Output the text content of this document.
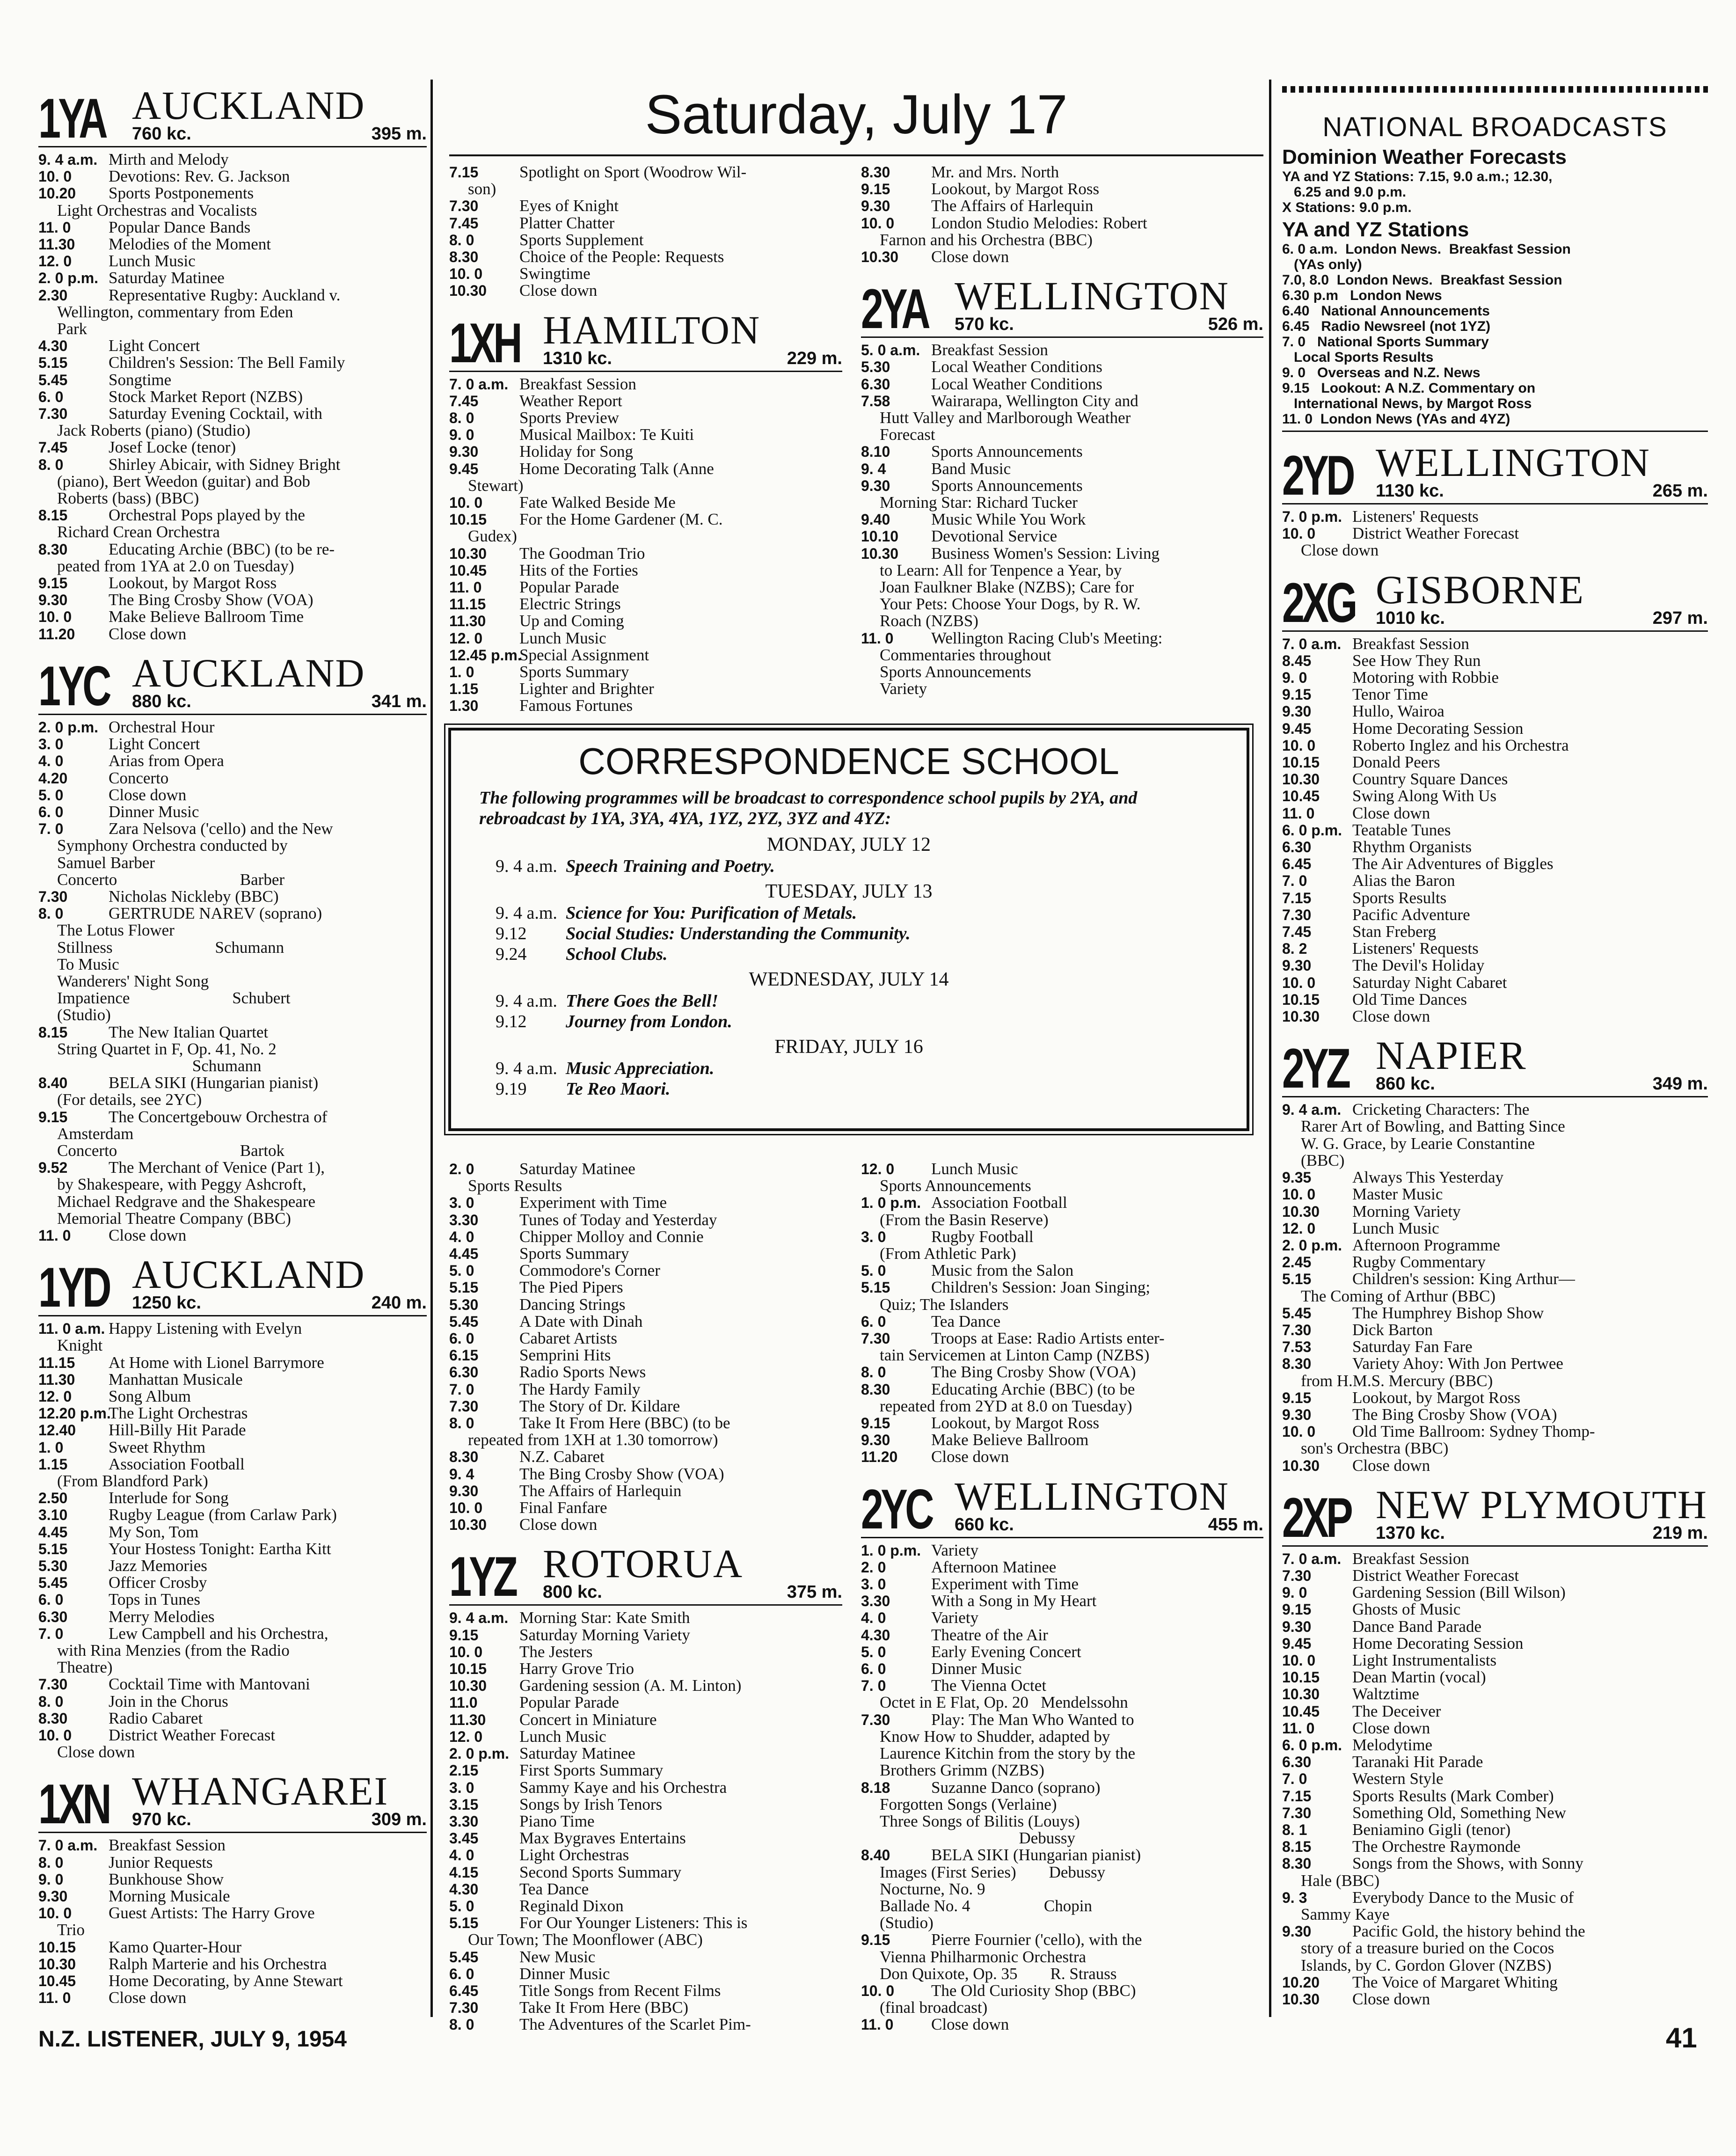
Saturday, July 17
1YA AUCKLAND
760 kc.	395 m.
9. 4 a.m. Mirth and Melody
10. 0 Devotions: Rev. G. Jackson
10.20 Sports Postponements
Light Orchestras and Vocalists
11. 0 Popular Dance Bands
11.30 Melodies of the Moment
12. 0 Lunch Music
2. 0 p.m. Saturday Matinee
2.30	Representative Rugby: Auckland v.
Wellington, commentary from Eden
Park
4.30	Light Concert
5.15	Children's Session: The Bell Family
5.45	Songtime
6. 0	Stock Market Report (NZBS)
7.30	Saturday Evening Cocktail, with
Jack Roberts (piano) (Studio)
7.45	Josef Locke (tenor)
8. 0	Shirley Abicair, with Sidney Bright
(piano), Bert Weedon (guitar) and Bob
Roberts (bass) (BBC)
8.15	Orchestral Pops played by the
Richard Crean Orchestra
8.30	Educating Archie (BBC) (to be re-
peated from 1YA at 2.0 on Tuesday)
9.15	Lookout, by Margot Ross
9.30	The Bing Crosby Show (VOA)
10. 0 Make Believe Ballroom Time
11.20 Close down
1YC AUCKLAND
880 kc.	341 m.
2. 0 p.m. Orchestral Hour
3. 0	Light Concert
4. 0	Arias from Opera
4.20	Concerto
5. 0	Close down
6. 0	Dinner Music
7. 0	Zara Nelsova ('cello) and the New
Symphony Orchestra conducted by
Samuel Barber
Concerto                              Barber
7.30	Nicholas Nickleby (BBC)
8. 0	GERTRUDE NAREV (soprano)
The Lotus Flower
Stillness                         Schumann
To Music
Wanderers' Night Song
Impatience                         Schubert
(Studio)
8.15	The New Italian Quartet
String Quartet in F, Op. 41, No. 2
Schumann
8.40	BELA SIKI (Hungarian pianist)
(For details, see 2YC)
9.15	The Concertgebouw Orchestra of
Amsterdam
Concerto                              Bartok
9.52	The Merchant of Venice (Part 1),
by Shakespeare, with Peggy Ashcroft,
Michael Redgrave and the Shakespeare
Memorial Theatre Company (BBC)
11. 0 Close down
1YD AUCKLAND
1250 kc.	240 m.
11. 0 a.m. Happy Listening with Evelyn
Knight
11.15 At Home with Lionel Barrymore
11.30 Manhattan Musicale
12. 0 Song Album
12.20 p.m.The Light Orchestras
12.40 Hill-Billy Hit Parade
1. 0	Sweet Rhythm
1.15	Association Football
(From Blandford Park)
2.50	Interlude for Song
3.10	Rugby League (from Carlaw Park)
4.45	My Son, Tom
5.15	Your Hostess Tonight: Eartha Kitt
5.30	Jazz Memories
5.45	Officer Crosby
6. 0	Tops in Tunes
6.30	Merry Melodies
7. 0	Lew Campbell and his Orchestra,
with Rina Menzies (from the Radio
Theatre)
7.30	Cocktail Time with Mantovani
8. 0	Join in the Chorus
8.30	Radio Cabaret
10. 0 District Weather Forecast
Close down
1XN WHANGAREI
970 kc.	309 m.
7. 0 a.m. Breakfast Session
8. 0	Junior Requests
9. 0	Bunkhouse Show
9.30	Morning Musicale
10. 0 Guest Artists: The Harry Grove
Trio
10.15 Kamo Quarter-Hour
10.30 Ralph Marterie and his Orchestra
10.45 Home Decorating, by Anne Stewart
11. 0 Close down
7.15	Spotlight on Sport (Woodrow Wil-
son)
7.30	Eyes of Knight
7.45	Platter Chatter
8. 0	Sports Supplement
8.30	Choice of the People: Requests
10. 0 Swingtime
10.30 Close down
1XH HAMILTON
1310 kc.	229 m.
7. 0 a.m. Breakfast Session
7.45	Weather Report
8. 0	Sports Preview
9. 0	Musical Mailbox: Te Kuiti
9.30	Holiday for Song
9.45	Home Decorating Talk (Anne
Stewart)
10. 0 Fate Walked Beside Me
10.15 For the Home Gardener (M. C.
Gudex)
10.30 The Goodman Trio
10.45 Hits of the Forties
11. 0 Popular Parade
11.15 Electric Strings
11.30 Up and Coming
12. 0 Lunch Music
12.45 p.m.Special Assignment
1. 0	Sports Summary
1.15	Lighter and Brighter
1.30	Famous Fortunes
8.30	Mr. and Mrs. North
9.15	Lookout, by Margot Ross
9.30	The Affairs of Harlequin
10. 0 London Studio Melodies: Robert
Farnon and his Orchestra (BBC)
10.30 Close down
2YA WELLINGTON
570 kc.	526 m.
5. 0 a.m. Breakfast Session
5.30	Local Weather Conditions
6.30	Local Weather Conditions
7.58	Wairarapa, Wellington City and
Hutt Valley and Marlborough Weather
Forecast
8.10	Sports Announcements
9. 4	Band Music
9.30	Sports Announcements
Morning Star: Richard Tucker
9.40	Music While You Work
10.10 Devotional Service
10.30 Business Women's Session: Living
to Learn: All for Tenpence a Year, by
Joan Faulkner Blake (NZBS); Care for
Your Pets: Choose Your Dogs, by R. W.
Roach (NZBS)
11. 0 Wellington Racing Club's Meeting:
Commentaries throughout
Sports Announcements
Variety
CORRESPONDENCE SCHOOL
The following programmes will be broadcast to correspondence school pupils by 2YA, and rebroadcast by 1YA, 3YA, 4YA, 1YZ, 2YZ, 3YZ and 4YZ:
MONDAY, JULY 12
9. 4 a.m. Speech Training and Poetry.
TUESDAY, JULY 13
9. 4 a.m. Science for You: Purification of Metals.
9.12 Social Studies: Understanding the Community.
9.24 School Clubs.
WEDNESDAY, JULY 14
9. 4 a.m. There Goes the Bell!
9.12 Journey from London.
FRIDAY, JULY 16
9. 4 a.m. Music Appreciation.
9.19 Te Reo Maori.
2. 0	Saturday Matinee
Sports Results
3. 0	Experiment with Time
3.30	Tunes of Today and Yesterday
4. 0	Chipper Molloy and Connie
4.45	Sports Summary
5. 0	Commodore's Corner
5.15	The Pied Pipers
5.30	Dancing Strings
5.45	A Date with Dinah
6. 0	Cabaret Artists
6.15	Semprini Hits
6.30	Radio Sports News
7. 0	The Hardy Family
7.30	The Story of Dr. Kildare
8. 0	Take It From Here (BBC) (to be
repeated from 1XH at 1.30 tomorrow)
8.30	N.Z. Cabaret
9. 4	The Bing Crosby Show (VOA)
9.30	The Affairs of Harlequin
10. 0 Final Fanfare
10.30 Close down
1YZ ROTORUA
800 kc.	375 m.
9. 4 a.m. Morning Star: Kate Smith
9.15	Saturday Morning Variety
10. 0 The Jesters
10.15 Harry Grove Trio
10.30 Gardening session (A. M. Linton)
11.0	Popular Parade
11.30 Concert in Miniature
12. 0 Lunch Music
2. 0 p.m. Saturday Matinee
2.15	First Sports Summary
3. 0	Sammy Kaye and his Orchestra
3.15	Songs by Irish Tenors
3.30	Piano Time
3.45	Max Bygraves Entertains
4. 0	Light Orchestras
4.15	Second Sports Summary
4.30	Tea Dance
5. 0	Reginald Dixon
5.15	For Our Younger Listeners: This is
Our Town; The Moonflower (ABC)
5.45	New Music
6. 0	Dinner Music
6.45	Title Songs from Recent Films
7.30	Take It From Here (BBC)
8. 0	The Adventures of the Scarlet Pim-
12. 0 Lunch Music
Sports Announcements
1. 0 p.m. Association Football
(From the Basin Reserve)
3. 0	Rugby Football
(From Athletic Park)
5. 0	Music from the Salon
5.15	Children's Session: Joan Singing;
Quiz; The Islanders
6. 0	Tea Dance
7.30	Troops at Ease: Radio Artists enter-
tain Servicemen at Linton Camp (NZBS)
8. 0	The Bing Crosby Show (VOA)
8.30	Educating Archie (BBC) (to be
repeated from 2YD at 8.0 on Tuesday)
9.15	Lookout, by Margot Ross
9.30	Make Believe Ballroom
11.20 Close down
2YC WELLINGTON
660 kc.	455 m.
1. 0 p.m. Variety
2. 0	Afternoon Matinee
3. 0	Experiment with Time
3.30	With a Song in My Heart
4. 0	Variety
4.30	Theatre of the Air
5. 0	Early Evening Concert
6. 0	Dinner Music
7. 0	The Vienna Octet
Octet in E Flat, Op. 20   Mendelssohn
7.30	Play: The Man Who Wanted to
Know How to Shudder, adapted by
Laurence Kitchin from the story by the
Brothers Grimm (NZBS)
8.18	Suzanne Danco (soprano)
Forgotten Songs (Verlaine)
Three Songs of Bilitis (Louys)
Debussy
8.40	BELA SIKI (Hungarian pianist)
Images (First Series)        Debussy
Nocturne, No. 9
Ballade No. 4                  Chopin
(Studio)
9.15	Pierre Fournier ('cello), with the
Vienna Philharmonic Orchestra
Don Quixote, Op. 35        R. Strauss
10. 0 The Old Curiosity Shop (BBC)
(final broadcast)
11. 0 Close down
NATIONAL BROADCASTS
Dominion Weather Forecasts
YA and YZ Stations: 7.15, 9.0 a.m.; 12.30,
6.25 and 9.0 p.m.
X Stations: 9.0 p.m.
YA and YZ Stations
6. 0 a.m.  London News.  Breakfast Session
(YAs only)
7.0, 8.0  London News.  Breakfast Session
6.30 p.m   London News
6.40   National Announcements
6.45   Radio Newsreel (not 1YZ)
7. 0   National Sports Summary
Local Sports Results
9. 0   Overseas and N.Z. News
9.15   Lookout: A N.Z. Commentary on
International News, by Margot Ross
11. 0  London News (YAs and 4YZ)
2YD WELLINGTON
1130 kc.	265 m.
7. 0 p.m. Listeners' Requests
10. 0 District Weather Forecast
Close down
2XG GISBORNE
1010 kc.	297 m.
7. 0 a.m. Breakfast Session
8.45	See How They Run
9. 0	Motoring with Robbie
9.15	Tenor Time
9.30	Hullo, Wairoa
9.45	Home Decorating Session
10. 0 Roberto Inglez and his Orchestra
10.15 Donald Peers
10.30 Country Square Dances
10.45 Swing Along With Us
11. 0 Close down
6. 0 p.m. Teatable Tunes
6.30	Rhythm Organists
6.45	The Air Adventures of Biggles
7. 0	Alias the Baron
7.15	Sports Results
7.30	Pacific Adventure
7.45	Stan Freberg
8. 2	Listeners' Requests
9.30	The Devil's Holiday
10. 0 Saturday Night Cabaret
10.15 Old Time Dances
10.30 Close down
2YZ NAPIER
860 kc.	349 m.
9. 4 a.m. Cricketing Characters: The
Rarer Art of Bowling, and Batting Since
W. G. Grace, by Learie Constantine
(BBC)
9.35	Always This Yesterday
10. 0 Master Music
10.30 Morning Variety
12. 0 Lunch Music
2. 0 p.m. Afternoon Programme
2.45	Rugby Commentary
5.15	Children's session: King Arthur—
The Coming of Arthur (BBC)
5.45	The Humphrey Bishop Show
7.30	Dick Barton
7.53	Saturday Fan Fare
8.30	Variety Ahoy: With Jon Pertwee
from H.M.S. Mercury (BBC)
9.15	Lookout, by Margot Ross
9.30	The Bing Crosby Show (VOA)
10. 0 Old Time Ballroom: Sydney Thomp-
son's Orchestra (BBC)
10.30 Close down
2XP NEW PLYMOUTH
1370 kc.	219 m.
7. 0 a.m. Breakfast Session
7.30	District Weather Forecast
9. 0	Gardening Session (Bill Wilson)
9.15	Ghosts of Music
9.30	Dance Band Parade
9.45	Home Decorating Session
10. 0 Light Instrumentalists
10.15 Dean Martin (vocal)
10.30 Waltztime
10.45 The Deceiver
11. 0 Close down
6. 0 p.m. Melodytime
6.30	Taranaki Hit Parade
7. 0	Western Style
7.15	Sports Results (Mark Comber)
7.30	Something Old, Something New
8. 1	Beniamino Gigli (tenor)
8.15	The Orchestre Raymonde
8.30	Songs from the Shows, with Sonny
Hale (BBC)
9. 3	Everybody Dance to the Music of
Sammy Kaye
9.30	Pacific Gold, the history behind the
story of a treasure buried on the Cocos
Islands, by C. Gordon Glover (NZBS)
10.20 The Voice of Margaret Whiting
10.30 Close down
N.Z. LISTENER, JULY 9, 1954	41
